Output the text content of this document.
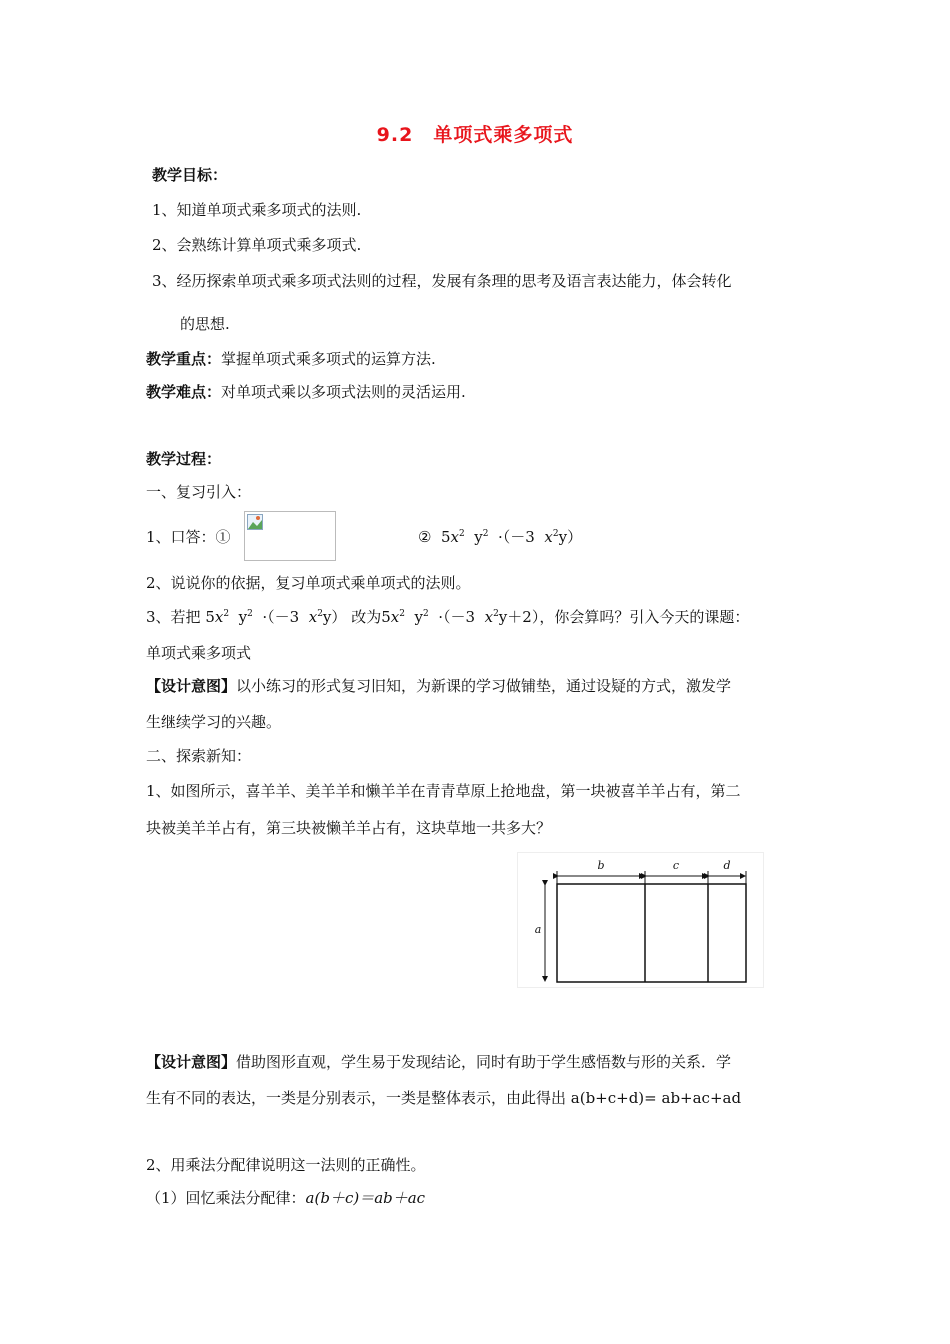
9.2　单项式乘多项式
教学目标：
1、知道单项式乘多项式的法则.
2、会熟练计算单项式乘多项式.
3、经历探索单项式乘多项式法则的过程，发展有条理的思考及语言表达能力，体会转化
的思想.
教学重点：掌握单项式乘多项式的运算方法.
教学难点：对单项式乘以多项式法则的灵活运用.
教学过程：
一、复习引入：
1、口答：①	②  $5x^2$  $y^2 \cdot(-3$  $x^2y$）
2、说说你的依据，复习单项式乘单项式的法则。
3、若把 $5x^2$  $y^2 \cdot(-3$  $x^2y$） 改为$5x^2$  $y^2 \cdot(-3$  $x^2y+2$），你会算吗？引入今天的课题：
单项式乘多项式
【设计意图】以小练习的形式复习旧知，为新课的学习做铺垫，通过设疑的方式，激发学
生继续学习的兴趣。
二、探索新知：
1、如图所示，喜羊羊、美羊羊和懒羊羊在青青草原上抢地盘，第一块被喜羊羊占有，第二
块被美羊羊占有，第三块被懒羊羊占有，这块草地一共多大？
b	c	d
a
【设计意图】借助图形直观，学生易于发现结论，同时有助于学生感悟数与形的关系．学
生有不同的表达，一类是分别表示，一类是整体表示，由此得出 a(b+c+d)= ab+ac+ad
2、用乘法分配律说明这一法则的正确性。
（1）回忆乘法分配律：a(b＋c)＝ab＋ac
